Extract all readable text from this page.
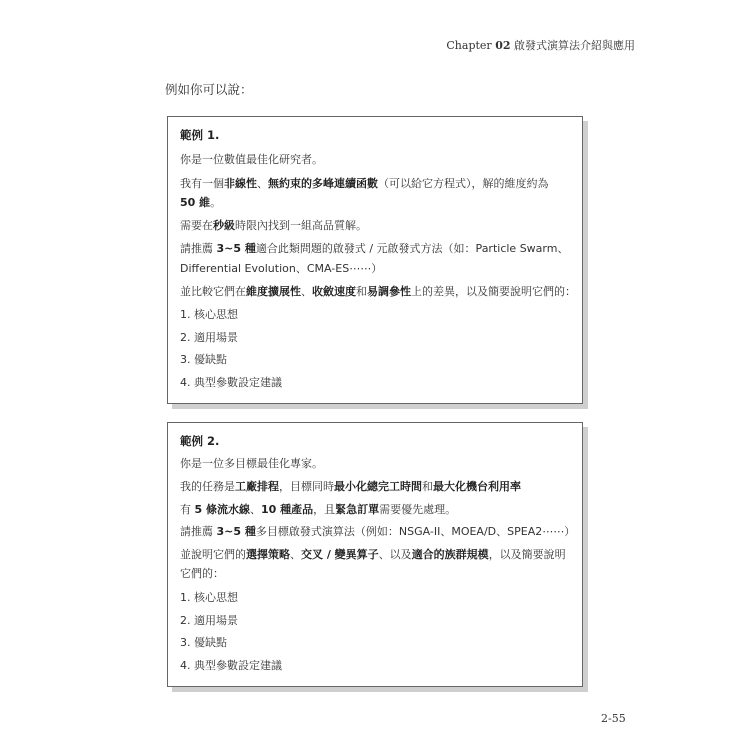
Chapter 02 啟發式演算法介紹與應用
例如你可以說：
範例 1.
你是一位數值最佳化研究者。
我有一個非線性、無約束的多峰連續函數（可以給它方程式），解的維度約為
50 維。
需要在秒級時限內找到一組高品質解。
請推薦 3~5 種適合此類問題的啟發式 / 元啟發式方法（如：Particle Swarm、
Differential Evolution、CMA-ES⋯⋯）
並比較它們在維度擴展性、收斂速度和易調參性上的差異，以及簡要說明它們的：
1. 核心思想
2. 適用場景
3. 優缺點
4. 典型參數設定建議
範例 2.
你是一位多目標最佳化專家。
我的任務是工廠排程，目標同時最小化總完工時間和最大化機台利用率
有 5 條流水線、10 種產品，且緊急訂單需要優先處理。
請推薦 3~5 種多目標啟發式演算法（例如：NSGA-II、MOEA/D、SPEA2⋯⋯）
並說明它們的選擇策略、交叉 / 變異算子、以及適合的族群規模，以及簡要說明
它們的：
1. 核心思想
2. 適用場景
3. 優缺點
4. 典型參數設定建議
2-55
